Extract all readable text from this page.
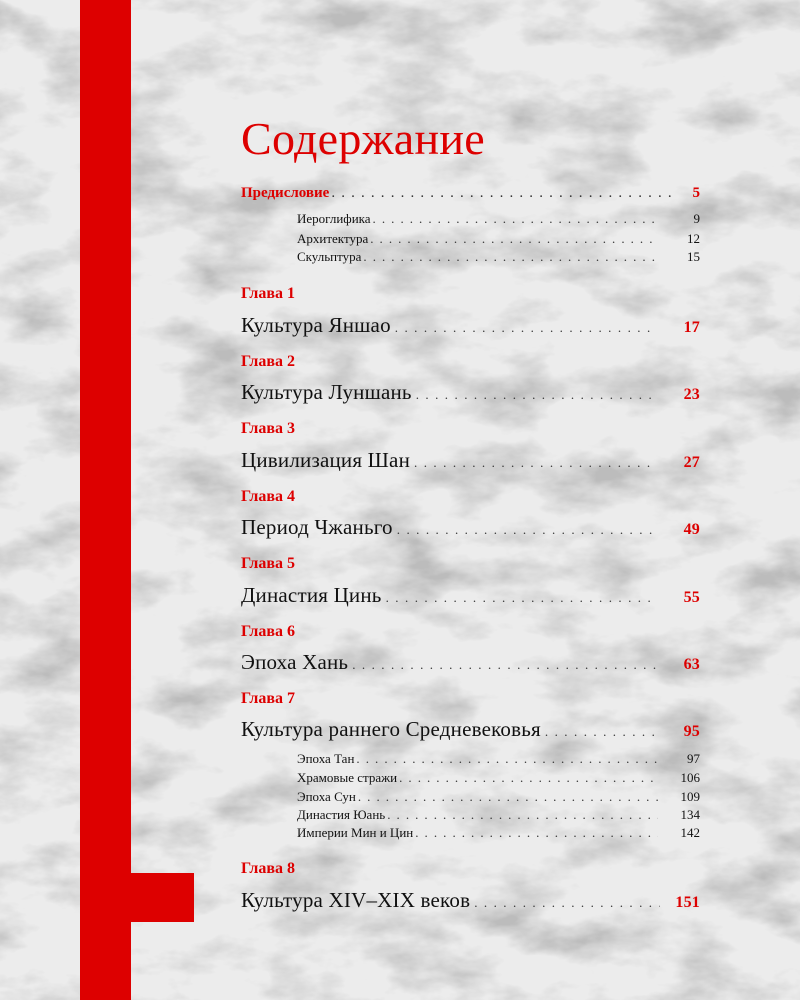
Содержание
Предисловие . . .	5
Иероглифика . . .	9
Архитектура . . .	12
Скульптура . . .	15
Глава 1
Культура Яншао . . .	17
Глава 2
Культура Луншань . . .	23
Глава 3
Цивилизация Шан . . .	27
Глава 4
Период Чжаньго . . .	49
Глава 5
Династия Цинь . . .	55
Глава 6
Эпоха Хань . . .	63
Глава 7
Культура раннего Средневековья . . .	95
Эпоха Тан . . .	97
Храмовые стражи . . .	106
Эпоха Сун . . .	109
Династия Юань . . .	134
Империи Мин и Цин . . .	142
Глава 8
Культура XIV–XIX веков . . .	151
